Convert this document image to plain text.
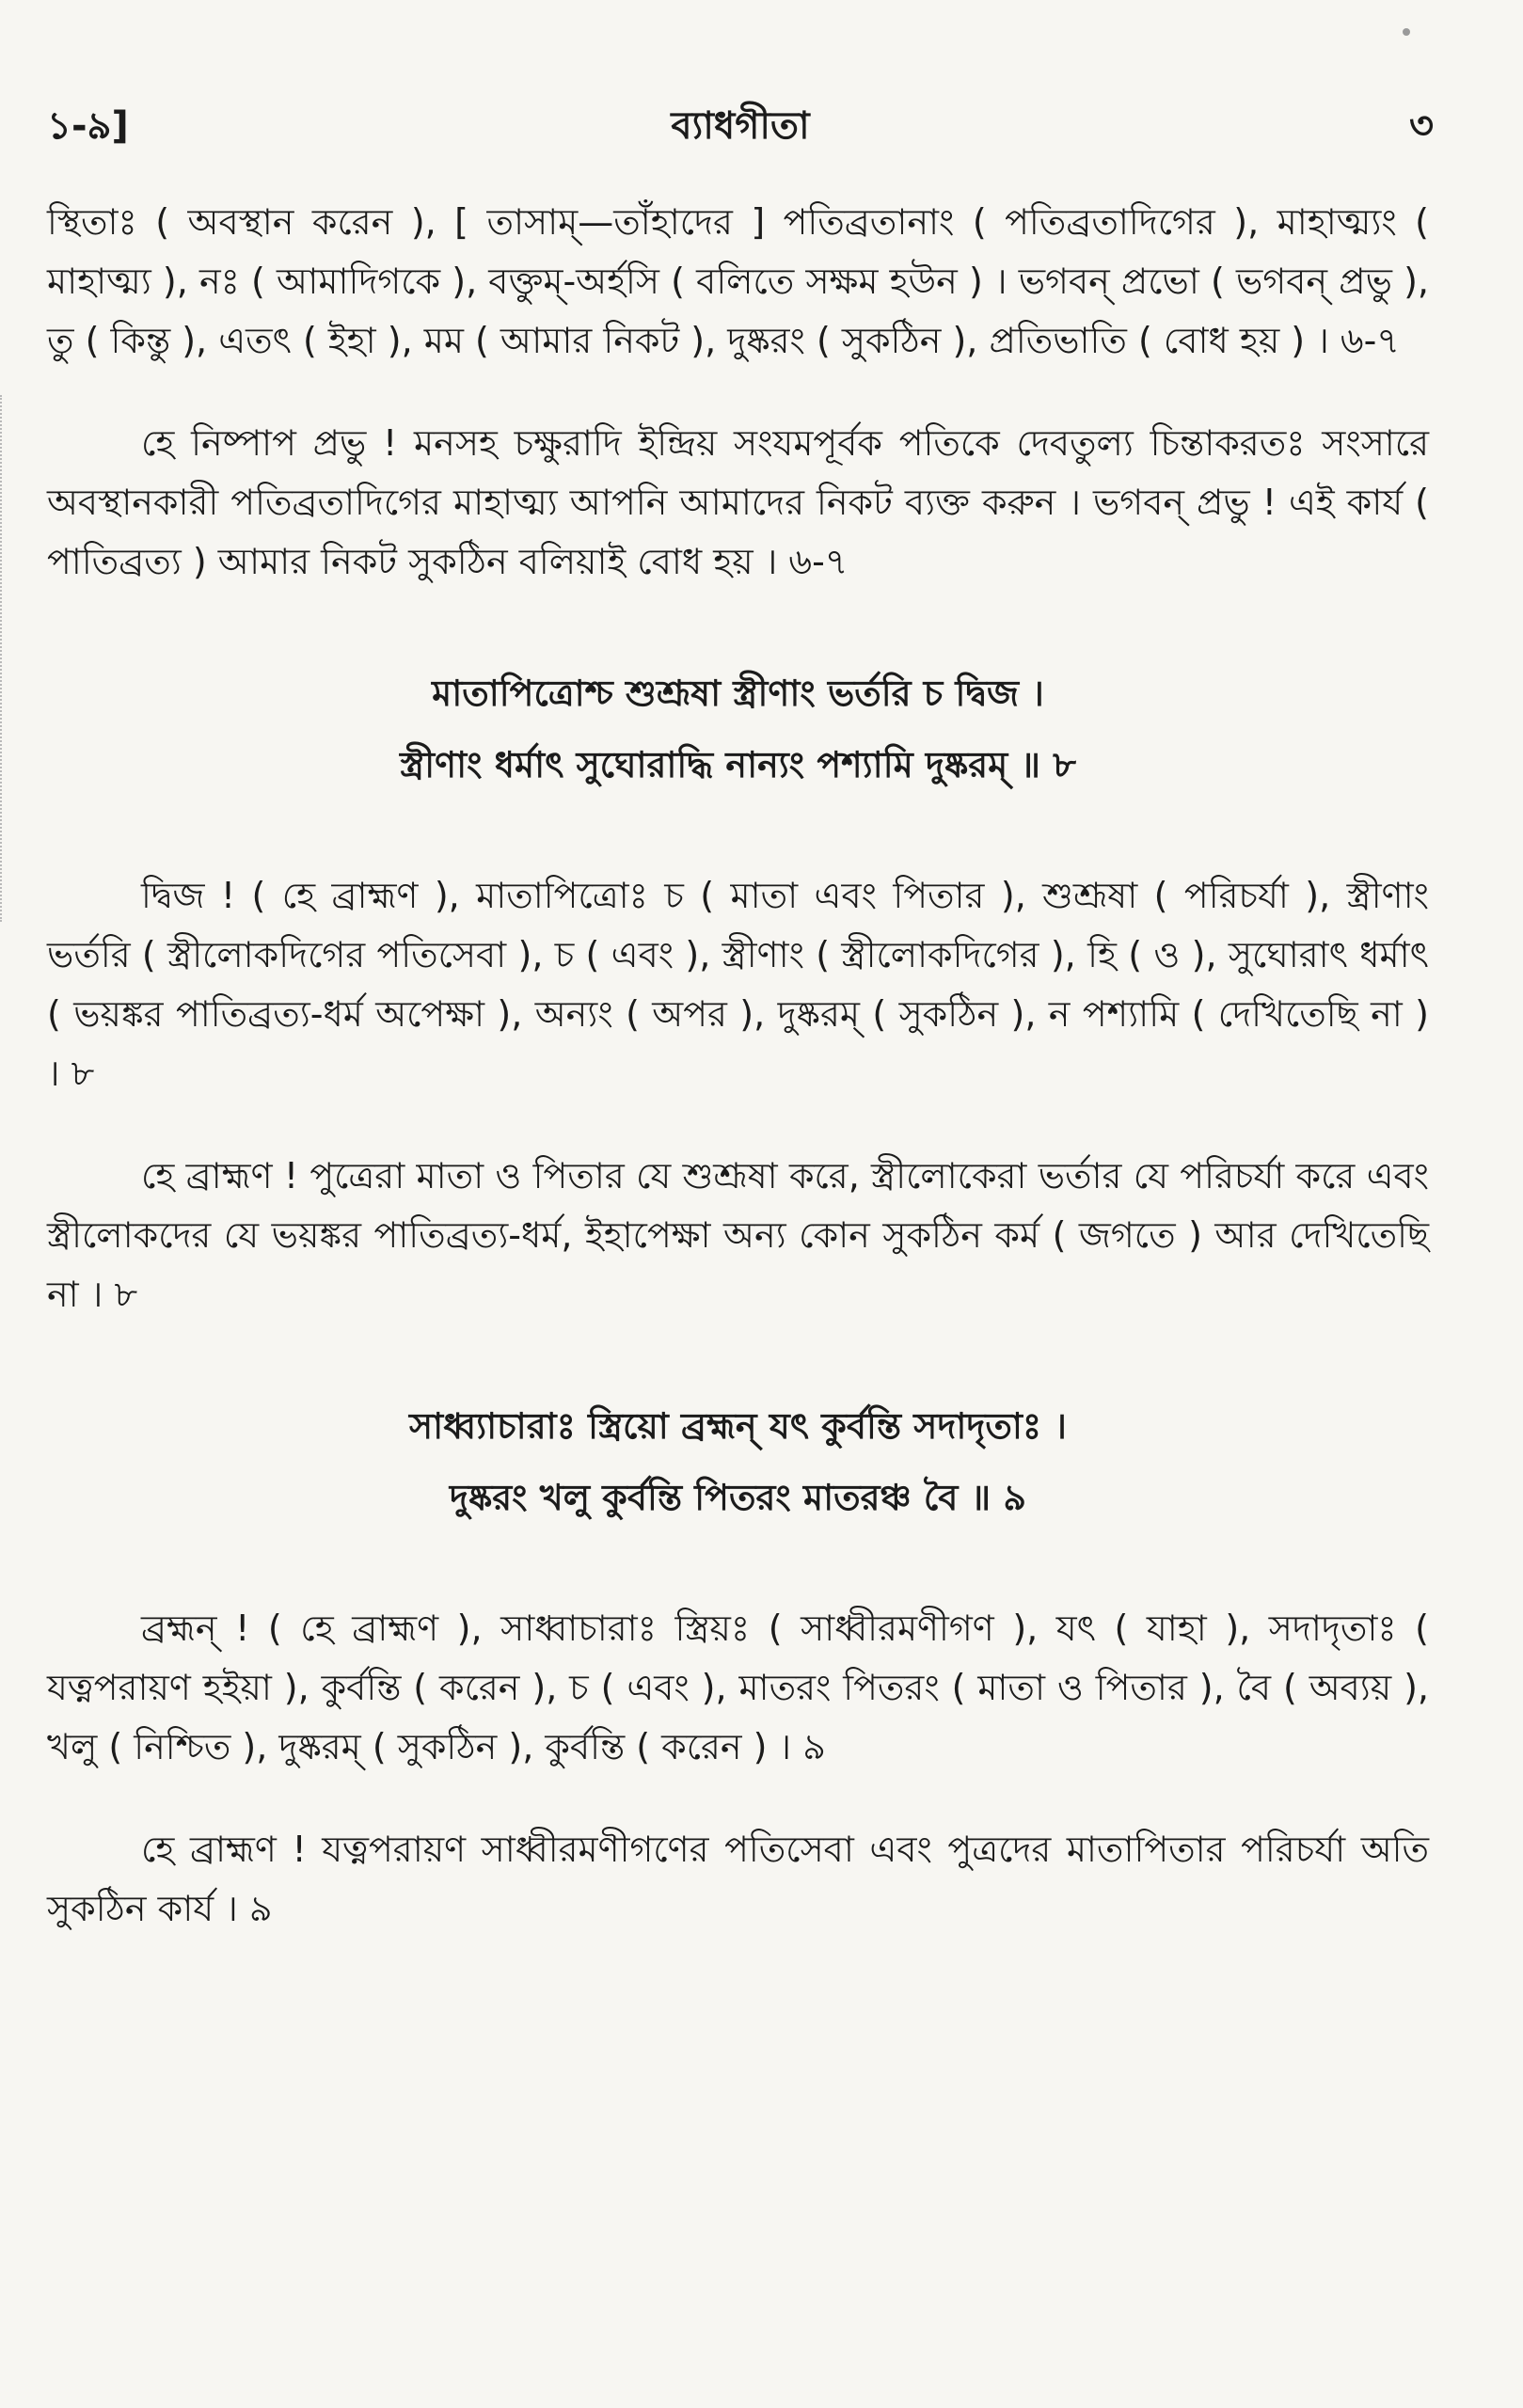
১-৯]	ব্যাধগীতা	৩

স্থিতাঃ ( অবস্থান করেন ), [ তাসাম্—তাঁহাদের ] পতিব্রতানাং ( পতিব্রতাদিগের ), মাহাত্ম্যং ( মাহাত্ম্য ), নঃ ( আমাদিগকে ), বক্তুম্-অর্হসি ( বলিতে সক্ষম হউন ) । ভগবন্ প্রভো ( ভগবন্ প্রভু ), তু ( কিন্তু ), এতৎ ( ইহা ), মম ( আমার নিকট ), দুষ্করং ( সুকঠিন ), প্রতিভাতি ( বোধ হয় ) । ৬-৭

হে নিষ্পাপ প্রভু ! মনসহ চক্ষুরাদি ইন্দ্রিয় সংযমপূর্বক পতিকে দেবতুল্য চিন্তাকরতঃ সংসারে অবস্থানকারী পতিব্রতাদিগের মাহাত্ম্য আপনি আমাদের নিকট ব্যক্ত করুন । ভগবন্ প্রভু ! এই কার্য ( পাতিব্রত্য ) আমার নিকট সুকঠিন বলিয়াই বোধ হয় । ৬-৭

মাতাপিত্রোশ্চ শুশ্রূষা স্ত্রীণাং ভর্তরি চ দ্বিজ ।
স্ত্রীণাং ধর্মাৎ সুঘোরাদ্ধি নান্যং পশ্যামি দুষ্করম্ ॥ ৮

দ্বিজ ! ( হে ব্রাহ্মণ ), মাতাপিত্রোঃ চ ( মাতা এবং পিতার ), শুশ্রূষা ( পরিচর্যা ), স্ত্রীণাং ভর্তরি ( স্ত্রীলোকদিগের পতিসেবা ), চ ( এবং ), স্ত্রীণাং ( স্ত্রীলোকদিগের ), হি ( ও ), সুঘোরাৎ ধর্মাৎ ( ভয়ঙ্কর পাতিব্রত্য-ধর্ম অপেক্ষা ), অন্যং ( অপর ), দুষ্করম্ ( সুকঠিন ), ন পশ্যামি ( দেখিতেছি না ) । ৮

হে ব্রাহ্মণ ! পুত্রেরা মাতা ও পিতার যে শুশ্রূষা করে, স্ত্রীলোকেরা ভর্তার যে পরিচর্যা করে এবং স্ত্রীলোকদের যে ভয়ঙ্কর পাতিব্রত্য-ধর্ম, ইহাপেক্ষা অন্য কোন সুকঠিন কর্ম ( জগতে ) আর দেখিতেছি না । ৮

সাধ্ব্যাচারাঃ স্ত্রিয়ো ব্রহ্মন্ যৎ কুর্বন্তি সদাদৃতাঃ ।
দুষ্করং খলু কুর্বন্তি পিতরং মাতরঞ্চ বৈ ॥ ৯

ব্রহ্মন্ ! ( হে ব্রাহ্মণ ), সাধ্বাচারাঃ স্ত্রিয়ঃ ( সাধ্বীরমণীগণ ), যৎ ( যাহা ), সদাদৃতাঃ ( যত্নপরায়ণ হইয়া ), কুর্বন্তি ( করেন ), চ ( এবং ), মাতরং পিতরং ( মাতা ও পিতার ), বৈ ( অব্যয় ), খলু ( নিশ্চিত ), দুষ্করম্ ( সুকঠিন ), কুর্বন্তি ( করেন ) । ৯

হে ব্রাহ্মণ ! যত্নপরায়ণ সাধ্বীরমণীগণের পতিসেবা এবং পুত্রদের মাতাপিতার পরিচর্যা অতি সুকঠিন কার্য । ৯
